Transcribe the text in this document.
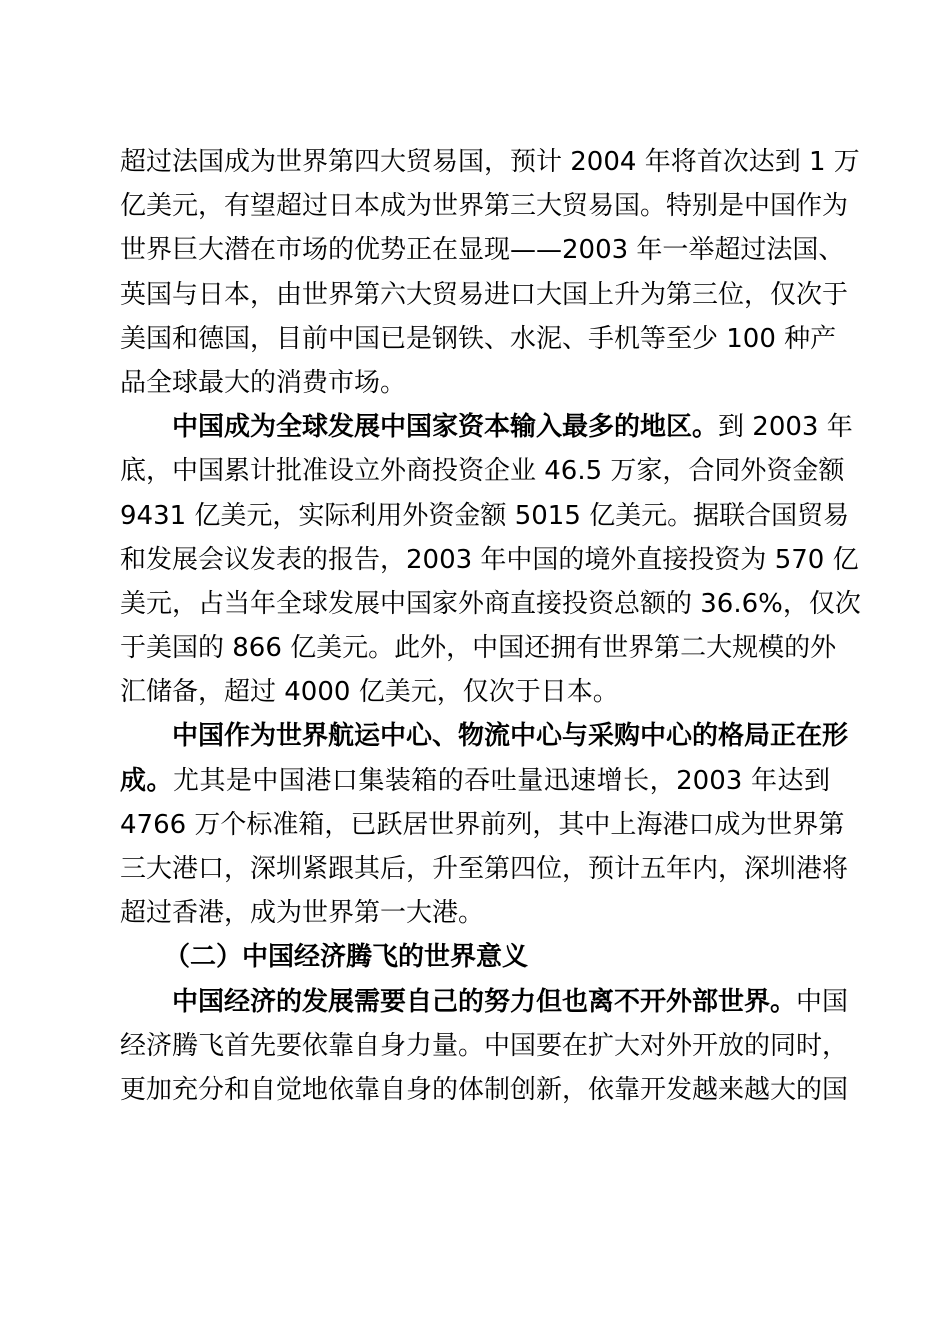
超过法国成为世界第四大贸易国，预计 2004 年将首次达到 1 万
亿美元，有望超过日本成为世界第三大贸易国。特别是中国作为
世界巨大潜在市场的优势正在显现——2003 年一举超过法国、
英国与日本，由世界第六大贸易进口大国上升为第三位，仅次于
美国和德国，目前中国已是钢铁、水泥、手机等至少 100 种产
品全球最大的消费市场。
中国成为全球发展中国家资本输入最多的地区。到 2003 年
底，中国累计批准设立外商投资企业 46.5 万家，合同外资金额
9431 亿美元，实际利用外资金额 5015 亿美元。据联合国贸易
和发展会议发表的报告，2003 年中国的境外直接投资为 570 亿
美元，占当年全球发展中国家外商直接投资总额的 36.6%，仅次
于美国的 866 亿美元。此外，中国还拥有世界第二大规模的外
汇储备，超过 4000 亿美元，仅次于日本。
中国作为世界航运中心、物流中心与采购中心的格局正在形
成。尤其是中国港口集装箱的吞吐量迅速增长，2003 年达到
4766 万个标准箱，已跃居世界前列，其中上海港口成为世界第
三大港口，深圳紧跟其后，升至第四位，预计五年内，深圳港将
超过香港，成为世界第一大港。
（二）中国经济腾飞的世界意义
中国经济的发展需要自己的努力但也离不开外部世界。中国
经济腾飞首先要依靠自身力量。中国要在扩大对外开放的同时，
更加充分和自觉地依靠自身的体制创新，依靠开发越来越大的国
